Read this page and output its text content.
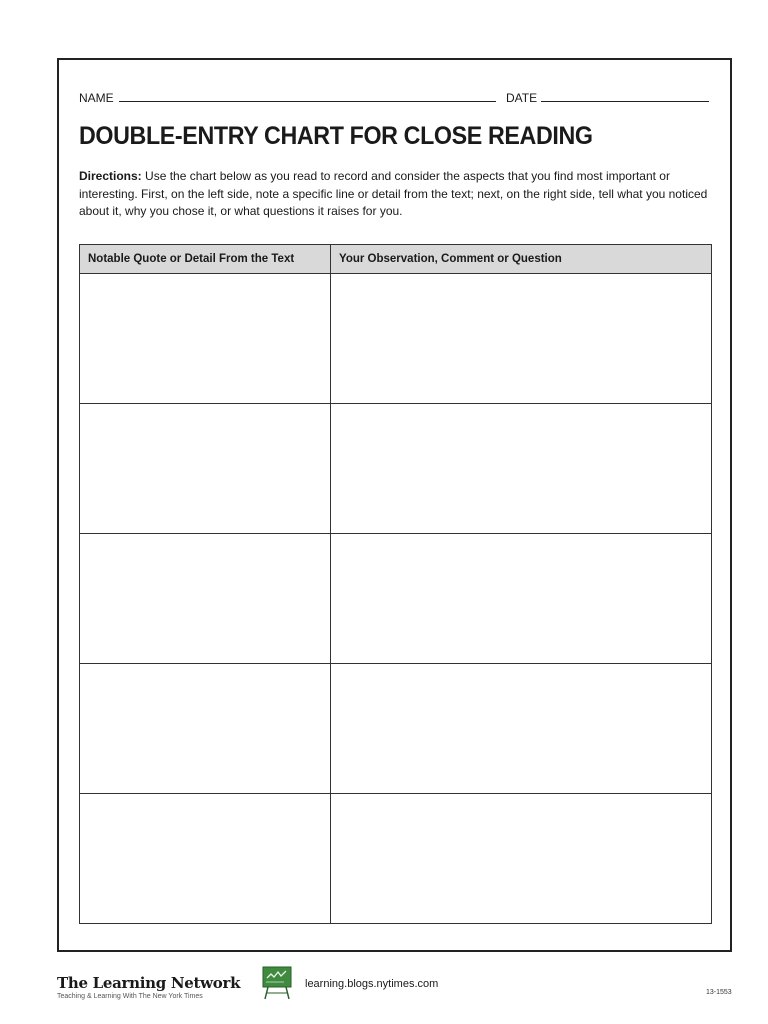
NAME	DATE
DOUBLE-ENTRY CHART FOR CLOSE READING
Directions: Use the chart below as you read to record and consider the aspects that you find most important or interesting. First, on the left side, note a specific line or detail from the text; next, on the right side, tell what you noticed about it, why you chose it, or what questions it raises for you.
Notable Quote or Detail From the Text	Your Observation, Comment or Question

The Learning Network
Teaching & Learning With The New York Times
learning.blogs.nytimes.com
13-1553
